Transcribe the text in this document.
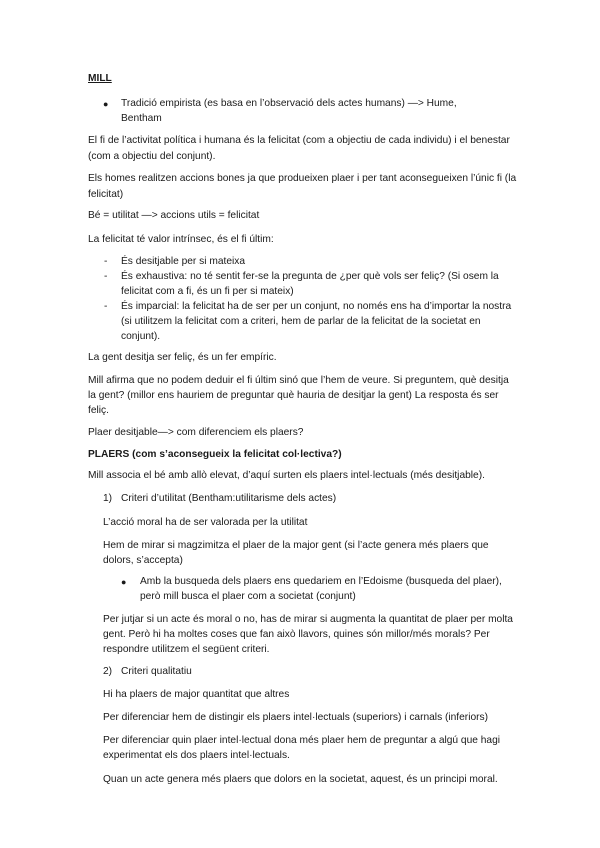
MILL
● Tradició empirista (es basa en l’observació dels actes humans) —> Hume,
Bentham
El fi de l’activitat política i humana és la felicitat (com a objectiu de cada individu) i el benestar
(com a objectiu del conjunt).
Els homes realitzen accions bones ja que produeixen plaer i per tant aconsegueixen l’únic fi (la
felicitat)
Bé = utilitat —> accions utils = felicitat
La felicitat té valor intrínsec, és el fi últim:
- És desitjable per si mateixa
- És exhaustiva: no té sentit fer-se la pregunta de ¿per què vols ser feliç? (Si osem la
felicitat com a fi, és un fi per si mateix)
- És imparcial: la felicitat ha de ser per un conjunt, no només ens ha d’importar la nostra
(si utilitzem la felicitat com a criteri, hem de parlar de la felicitat de la societat en
conjunt).
La gent desitja ser feliç, és un fer empíric.
Mill afirma que no podem deduir el fi últim sinó que l’hem de veure. Si preguntem, què desitja
la gent? (millor ens hauriem de preguntar què hauria de desitjar la gent) La resposta és ser
feliç.
Plaer desitjable—> com diferenciem els plaers?
PLAERS (com s’aconsegueix la felicitat col·lectiva?)
Mill associa el bé amb allò elevat, d’aquí surten els plaers intel·lectuals (més desitjable).
1) Criteri d’utilitat (Bentham:utilitarisme dels actes)
L’acció moral ha de ser valorada per la utilitat
Hem de mirar si magzimitza el plaer de la major gent (si l’acte genera més plaers que
dolors, s’accepta)
● Amb la busqueda dels plaers ens quedariem en l’Edoisme (busqueda del plaer),
però mill busca el plaer com a societat (conjunt)
Per jutjar si un acte és moral o no, has de mirar si augmenta la quantitat de plaer per molta
gent. Però hi ha moltes coses que fan això llavors, quines són millor/més morals? Per
respondre utilitzem el següent criteri.
2) Criteri qualitatiu
Hi ha plaers de major quantitat que altres
Per diferenciar hem de distingir els plaers intel·lectuals (superiors) i carnals (inferiors)
Per diferenciar quin plaer intel·lectual dona més plaer hem de preguntar a algú que hagi
experimentat els dos plaers intel·lectuals.
Quan un acte genera més plaers que dolors en la societat, aquest, és un principi moral.
